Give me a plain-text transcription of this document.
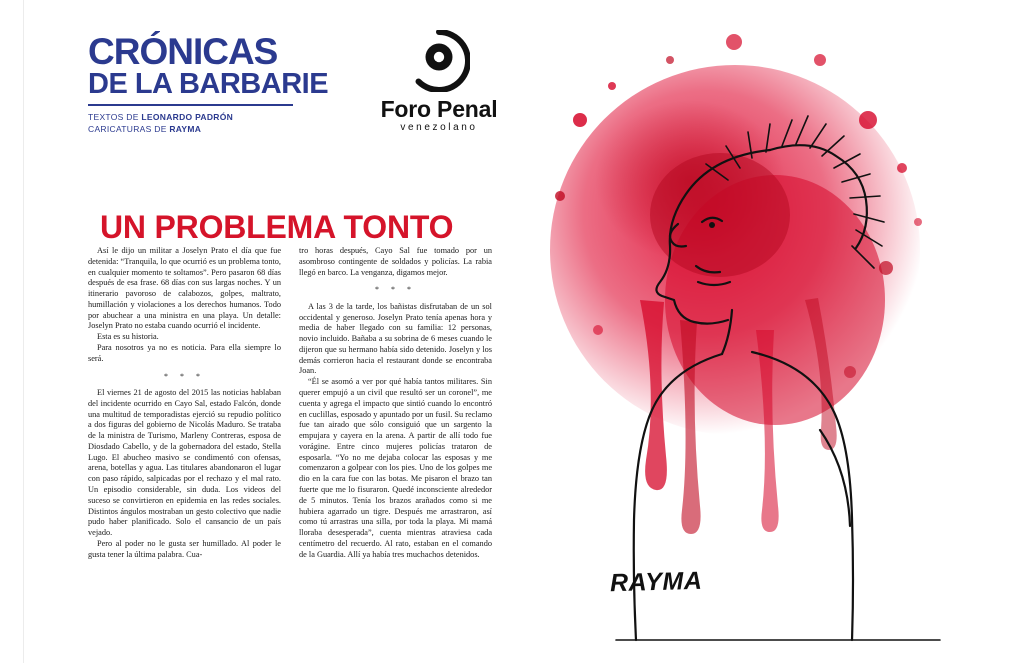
CRÓNICAS
DE LA BARBARIE
TEXTOS DE LEONARDO PADRÓN
CARICATURAS DE RAYMA
Foro Penal
venezolano
UN PROBLEMA TONTO

Así le dijo un militar a Joselyn Prato el día que fue detenida: “Tranquila, lo que ocurrió es un problema tonto, en cualquier momento te soltamos”. Pero pasaron 68 días después de esa frase. 68 días con sus largas noches. Y un itinerario pavoroso de calabozos, golpes, maltrato, humillación y violaciones a los derechos humanos. Todo por abuchear a una ministra en una playa. Un detalle: Joselyn Prato no estaba cuando ocurrió el incidente.

Esta es su historia.

Para nosotros ya no es noticia. Para ella siempre lo será.

* * *

El viernes 21 de agosto del 2015 las noticias hablaban del incidente ocurrido en Cayo Sal, estado Falcón, donde una multitud de temporadistas ejerció su repudio político a dos figuras del gobierno de Nicolás Maduro. Se trataba de la ministra de Turismo, Marleny Contreras, esposa de Diosdado Cabello, y de la gobernadora del estado, Stella Lugo. El abucheo masivo se condimentó con ofensas, arena, botellas y agua. Las titulares abandonaron el lugar con paso rápido, salpicadas por el rechazo y el mal rato. Un episodio considerable, sin duda. Los videos del suceso se convirtieron en epidemia en las redes sociales. Distintos ángulos mostraban un gesto colectivo que nadie pudo haber planificado. Solo el cansancio de un país vejado.

Pero al poder no le gusta ser humillado. Al poder le gusta tener la última palabra. Cua-

tro horas después, Cayo Sal fue tomado por un asombroso contingente de soldados y policías. La rabia llegó en barco. La venganza, digamos mejor.

* * *

A las 3 de la tarde, los bañistas disfrutaban de un sol occidental y generoso. Joselyn Prato tenía apenas hora y media de haber llegado con su familia: 12 personas, novio incluido. Bañaba a su sobrina de 6 meses cuando le dijeron que su hermano había sido detenido. Joselyn y los demás corrieron hacia el restaurant donde se encontraba Joan.

“Él se asomó a ver por qué había tantos militares. Sin querer empujó a un civil que resultó ser un coronel”, me cuenta y agrega el impacto que sintió cuando lo encontró en cuclillas, esposado y apuntado por un fusil. Su reclamo fue tan airado que sólo consiguió que un sargento la empujara y cayera en la arena. A partir de allí todo fue vorágine. Entre cinco mujeres policías trataron de esposarla. “Yo no me dejaba colocar las esposas y me comenzaron a golpear con los pies. Uno de los golpes me dio en la cara fue con las botas. Me pisaron el brazo tan fuerte que me lo fisuraron. Quedé inconsciente alrededor de 5 minutos. Tenía los brazos arañados como si me hubiera agarrado un tigre. Después me arrastraron, así como tú arrastras una silla, por toda la playa. Mi mamá lloraba desesperada”, cuenta mientras atraviesa cada centímetro del recuerdo. Al rato, estaban en el comando de la Guardia. Allí ya había tres muchachos detenidos.

RAYMA
